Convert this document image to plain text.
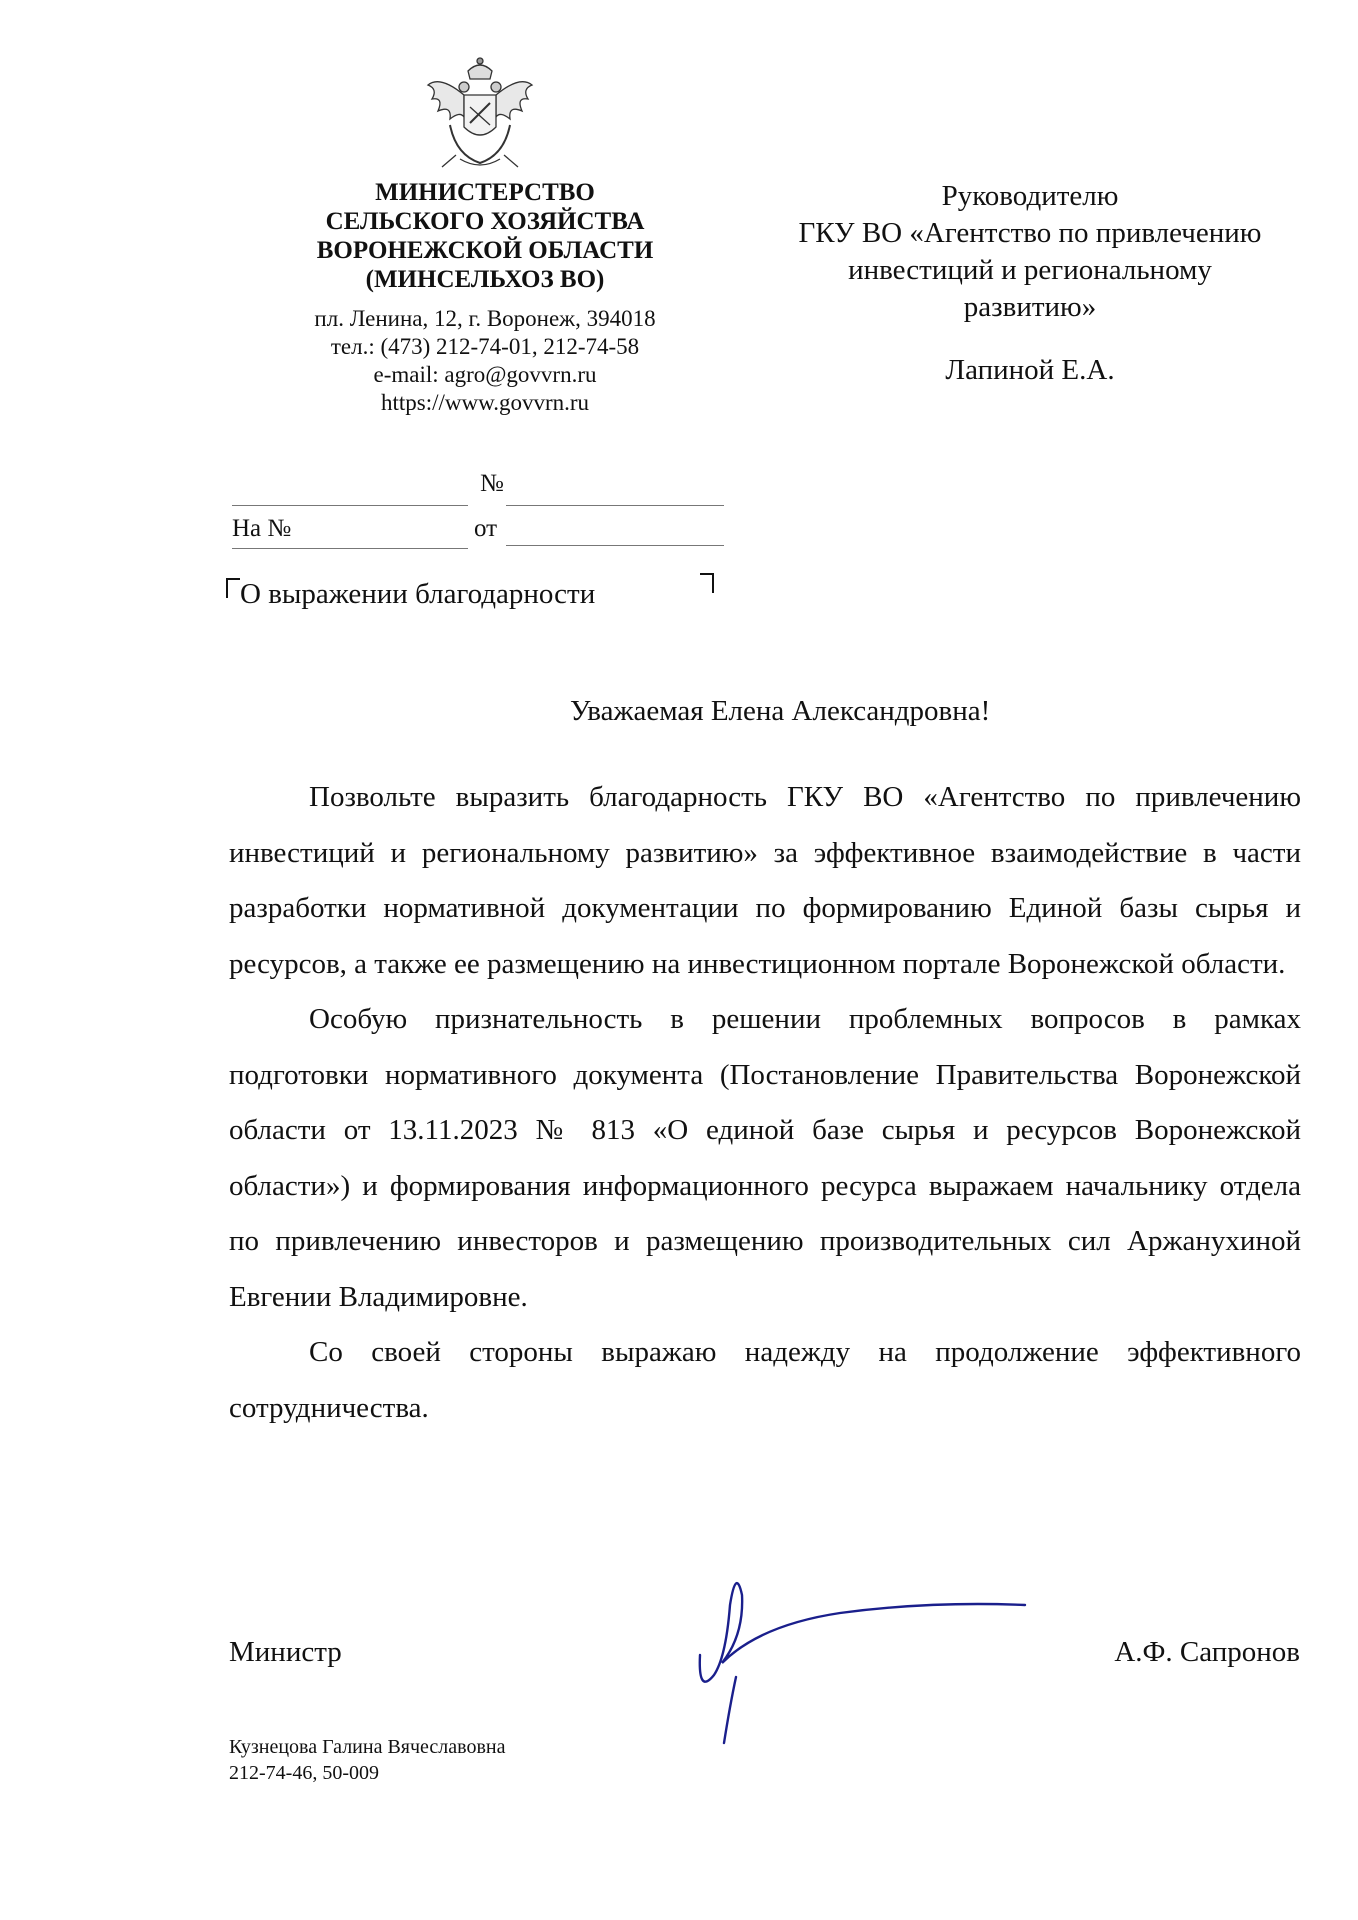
МИНИСТЕРСТВО
СЕЛЬСКОГО ХОЗЯЙСТВА
ВОРОНЕЖСКОЙ ОБЛАСТИ
(МИНСЕЛЬХОЗ ВО)
пл. Ленина, 12, г. Воронеж, 394018
тел.: (473) 212-74-01, 212-74-58
e-mail: agro@govvrn.ru
https://www.govvrn.ru
Руководителю
ГКУ ВО «Агентство по привлечению
инвестиций и региональному
развитию»
Лапиной Е.А.
№
На №	от
О выражении благодарности
Уважаемая Елена Александровна!

Позвольте выразить благодарность ГКУ ВО «Агентство по привлечению инвестиций и региональному развитию» за эффективное взаимодействие в части разработки нормативной документации по формированию Единой базы сырья и ресурсов, а также ее размещению на инвестиционном портале Воронежской области.

Особую признательность в решении проблемных вопросов в рамках подготовки нормативного документа (Постановление Правительства Воронежской области от 13.11.2023 № 813 «О единой базе сырья и ресурсов Воронежской области») и формирования информационного ресурса выражаем начальнику отдела по привлечению инвесторов и размещению производительных сил Аржанухиной Евгении Владимировне.

Со своей стороны выражаю надежду на продолжение эффективного сотрудничества.

Министр	А.Ф. Сапронов
Кузнецова Галина Вячеславовна
212-74-46, 50-009
